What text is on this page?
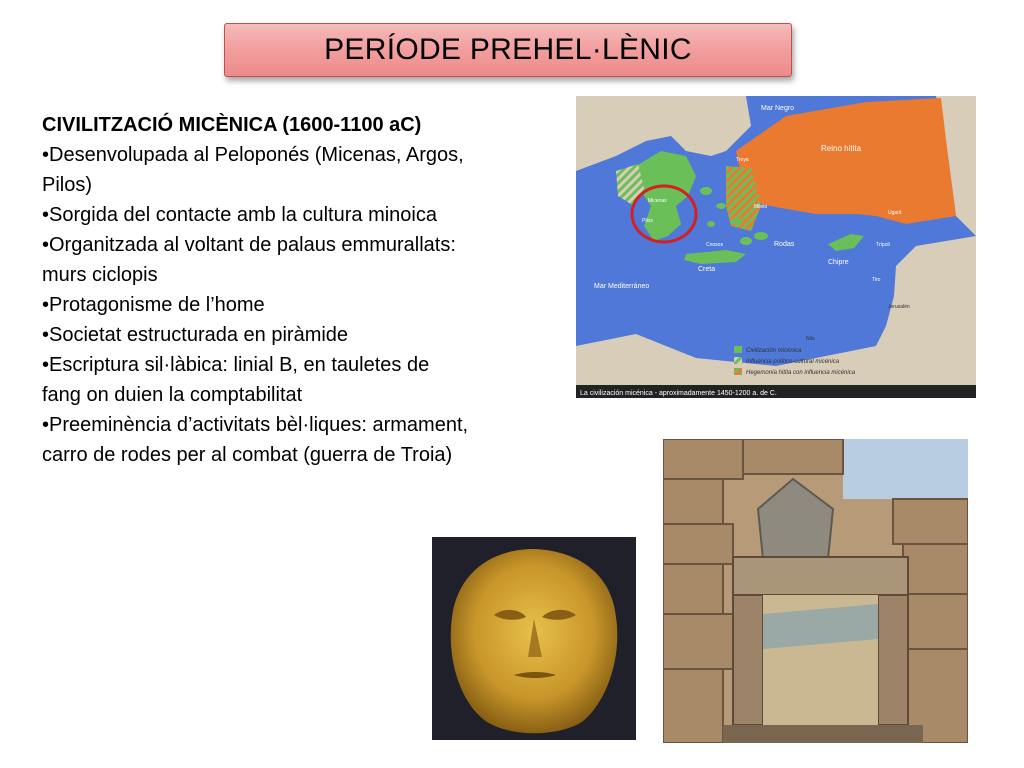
PERÍODE PREHEL·LÈNIC
CIVILITZACIÓ MICÈNICA (1600-1100 aC)

•Desenvolupada al Peloponés (Micenas, Argos, Pilos)

•Sorgida del contacte amb la cultura minoica

•Organitzada al voltant de palaus emmurallats: murs ciclopis

•Protagonisme de l’home

•Societat estructurada en piràmide

•Escriptura sil·làbica: linial B, en tauletes de fang on duien la comptabilitat

•Preeminència d’activitats bèl·liques: armament, carro de rodes per al combat (guerra de Troia)

Mar Negro
Reino hitita
Creta
Chipre
Rodas
Mar Mediterráneo
Troya
Mileto
Ugarit
Trípoli
Tiro
Jerusalén
Nilo
Micenas
Pilos
Cnosos
Civilización micénica
Influencia político-cultural micénica
Hegemonía hitita con influencia micénica
La civilización micénica - aproximadamente 1450-1200 a. de C.
